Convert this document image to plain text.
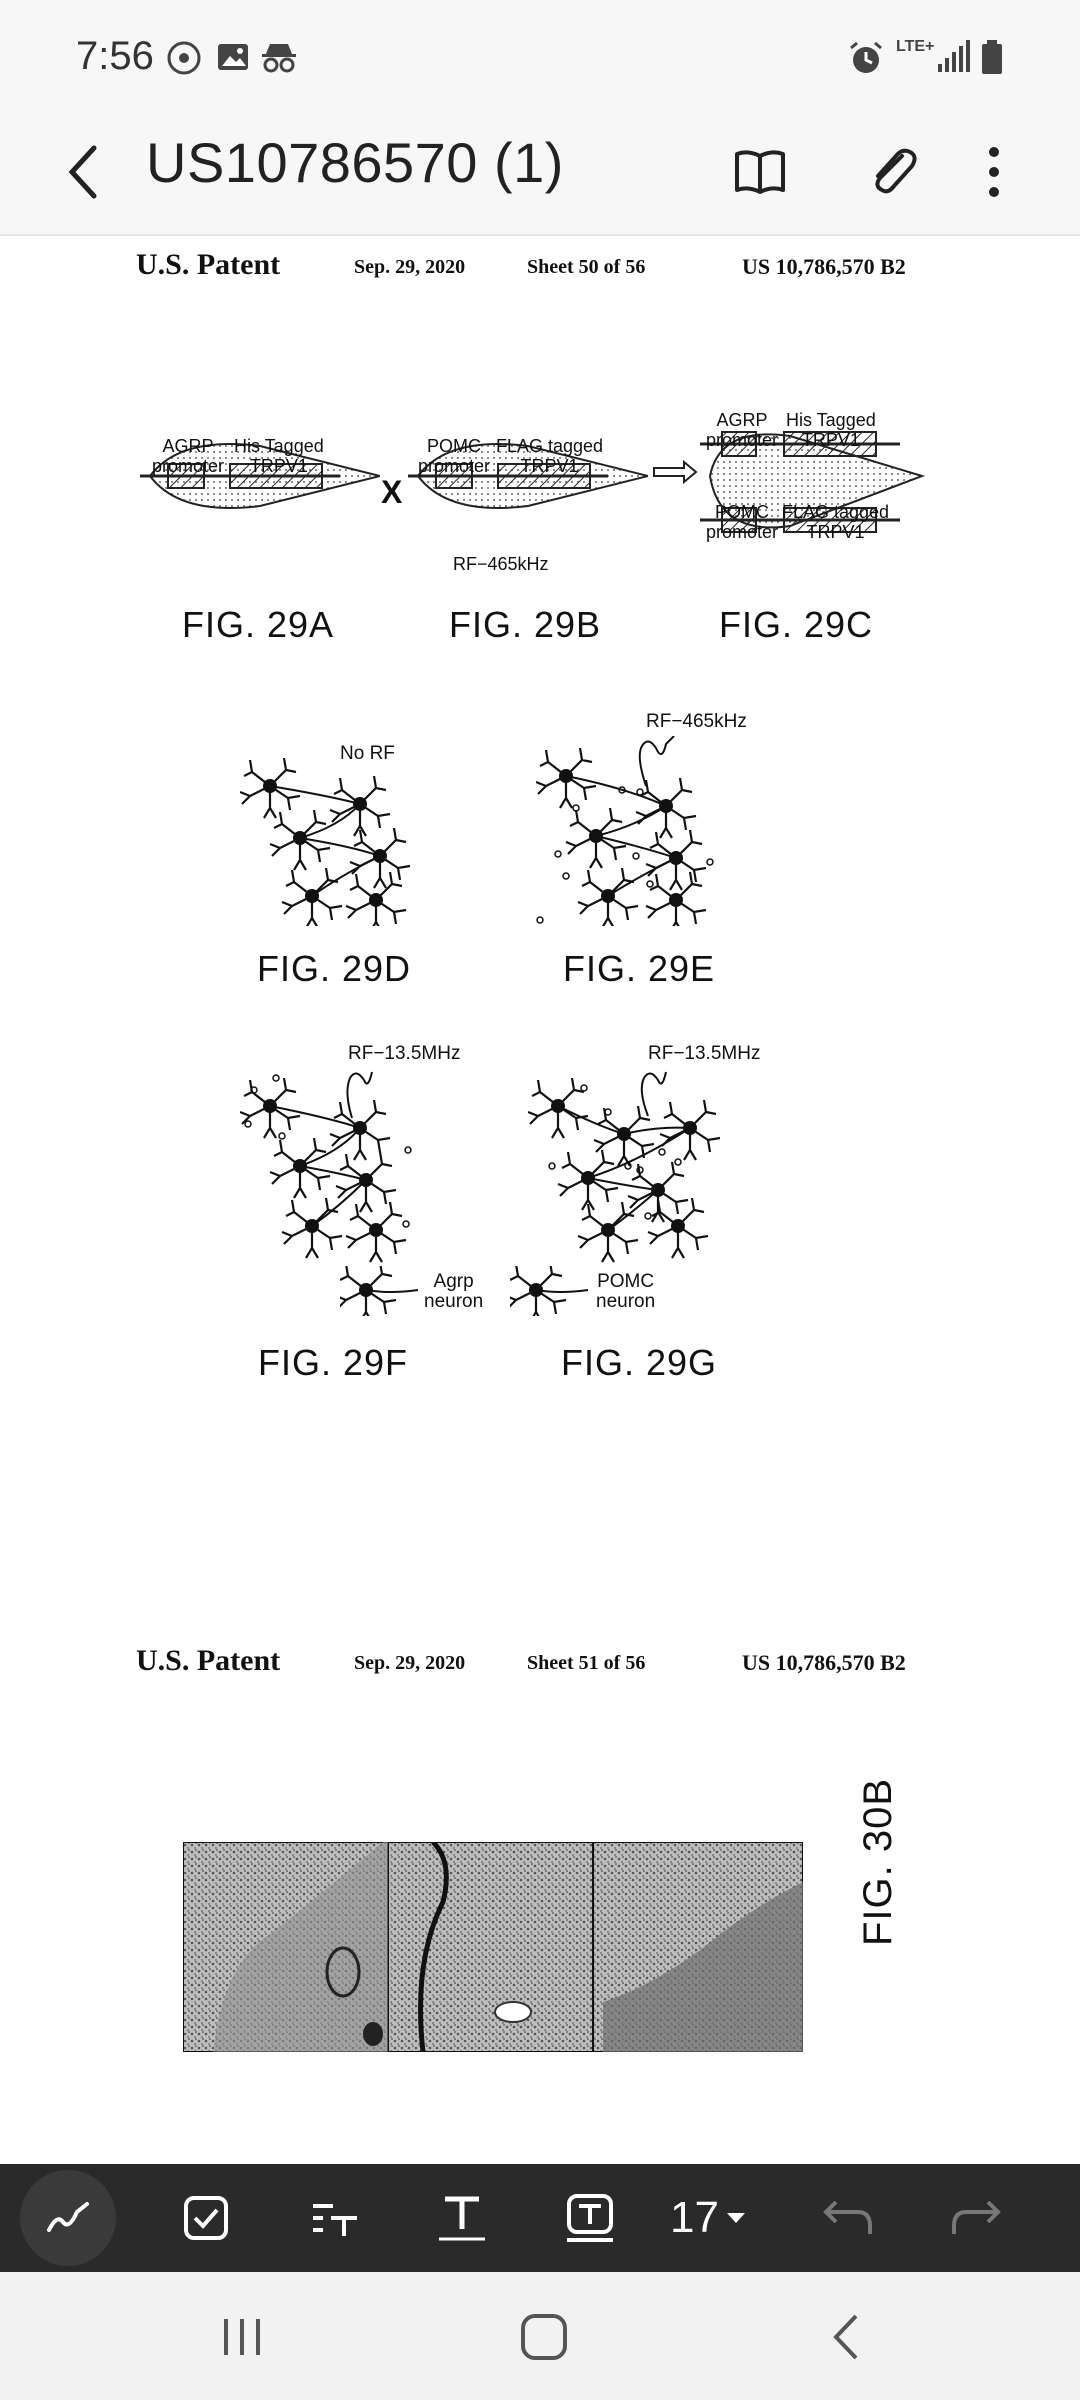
7:56	LTE+
US10786570 (1)
U.S. Patent	Sep. 29, 2020	Sheet 50 of 56	US 10,786,570 B2
AGRP
promoter
His Tagged
TRPV1
FIG. 29A
X
POMC
promoter
FLAG tagged
TRPV1
RF−465kHz
FIG. 29B
AGRP
promoter
His Tagged
TRPV1
POMC
promoter
FLAG tagged
TRPV1
FIG. 29C
No RF
FIG. 29D
RF−465kHz
FIG. 29E
RF−13.5MHz
Agrp
neuron
FIG. 29F
RF−13.5MHz
POMC
neuron
FIG. 29G
U.S. Patent	Sep. 29, 2020	Sheet 51 of 56	US 10,786,570 B2
FIG. 30B
17
